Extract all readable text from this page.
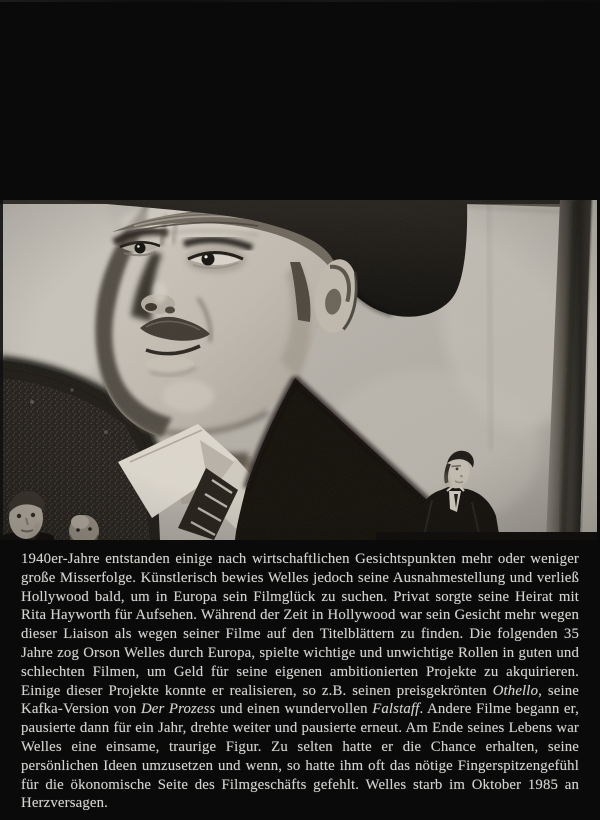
1940er-Jahre entstanden einige nach wirtschaftlichen Gesichtspunkten mehr oder weniger große Misserfolge. Künstlerisch bewies Welles jedoch seine Ausnahmestellung und verließ Hollywood bald, um in Europa sein Filmglück zu suchen. Privat sorgte seine Heirat mit Rita Hayworth für Aufsehen. Während der Zeit in Hollywood war sein Gesicht mehr wegen dieser Liaison als wegen seiner Filme auf den Titelblättern zu finden. Die folgenden 35 Jahre zog Orson Welles durch Europa, spielte wichtige und unwichtige Rollen in guten und schlechten Filmen, um Geld für seine eigenen ambitionierten Projekte zu akquirieren. Einige dieser Projekte konnte er realisieren, so z.B. seinen preisgekrönten Othello, seine Kafka-Version von Der Prozess und einen wundervollen Falstaff. Andere Filme begann er, pausierte dann für ein Jahr, drehte weiter und pausierte erneut. Am Ende seines Lebens war Welles eine einsame, traurige Figur. Zu selten hatte er die Chance erhalten, seine persönlichen Ideen umzusetzen und wenn, so hatte ihm oft das nötige Fingerspitzengefühl für die ökonomische Seite des Filmgeschäfts gefehlt. Welles starb im Oktober 1985 an Herzversagen.
